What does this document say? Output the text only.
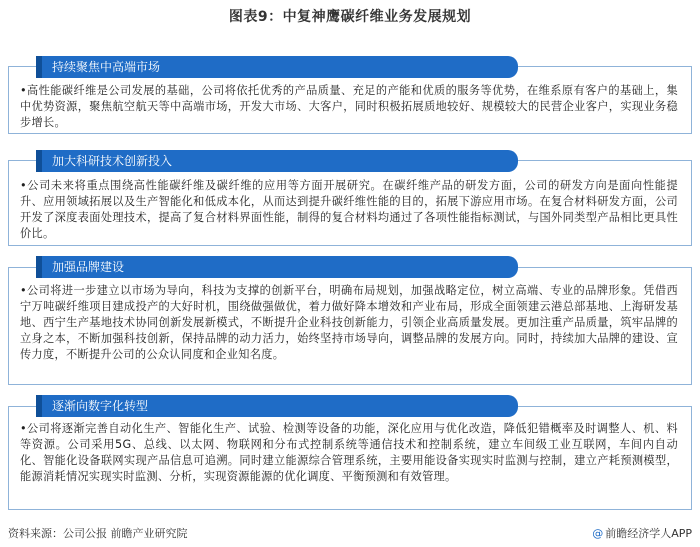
图表9：中复神鹰碳纤维业务发展规划
持续聚焦中高端市场
•高性能碳纤维是公司发展的基础，公司将依托优秀的产品质量、充足的产能和优质的服务等优势，在维系原有客户的基础上，集中优势资源，聚焦航空航天等中高端市场，开发大市场、大客户，同时积极拓展质地较好、规模较大的民营企业客户，实现业务稳步增长。
加大科研技术创新投入
•公司未来将重点围绕高性能碳纤维及碳纤维的应用等方面开展研究。在碳纤维产品的研发方面，公司的研发方向是面向性能提升、应用领域拓展以及生产智能化和低成本化，从而达到提升碳纤维性能的目的，拓展下游应用市场。在复合材料研发方面，公司开发了深度表面处理技术，提高了复合材料界面性能，制得的复合材料均通过了各项性能指标测试，与国外同类型产品相比更具性价比。
加强品牌建设
•公司将进一步建立以市场为导向，科技为支撑的创新平台，明确布局规划，加强战略定位，树立高端、专业的品牌形象。凭借西宁万吨碳纤维项目建成投产的大好时机，围绕做强做优，着力做好降本增效和产业布局，形成全面领建云港总部基地、上海研发基地、西宁生产基地技术协同创新发展新模式，不断提升企业科技创新能力，引领企业高质量发展。更加注重产品质量，筑牢品牌的立身之本，不断加强科技创新，保持品牌的动力活力，始终坚持市场导向，调整品牌的发展方向。同时，持续加大品牌的建设、宣传力度，不断提升公司的公众认同度和企业知名度。
逐渐向数字化转型
•公司将逐渐完善自动化生产、智能化生产、试验、检测等设备的功能，深化应用与优化改造，降低犯错概率及时调整人、机、料等资源。公司采用5G、总线、以太网、物联网和分布式控制系统等通信技术和控制系统，建立车间级工业互联网，车间内自动化、智能化设备联网实现产品信息可追溯。同时建立能源综合管理系统，主要用能设备实现实时监测与控制，建立产耗预测模型，能源消耗情况实现实时监测、分析，实现资源能源的优化调度、平衡预测和有效管理。
资料来源：公司公报 前瞻产业研究院	@ 前瞻经济学人APP
